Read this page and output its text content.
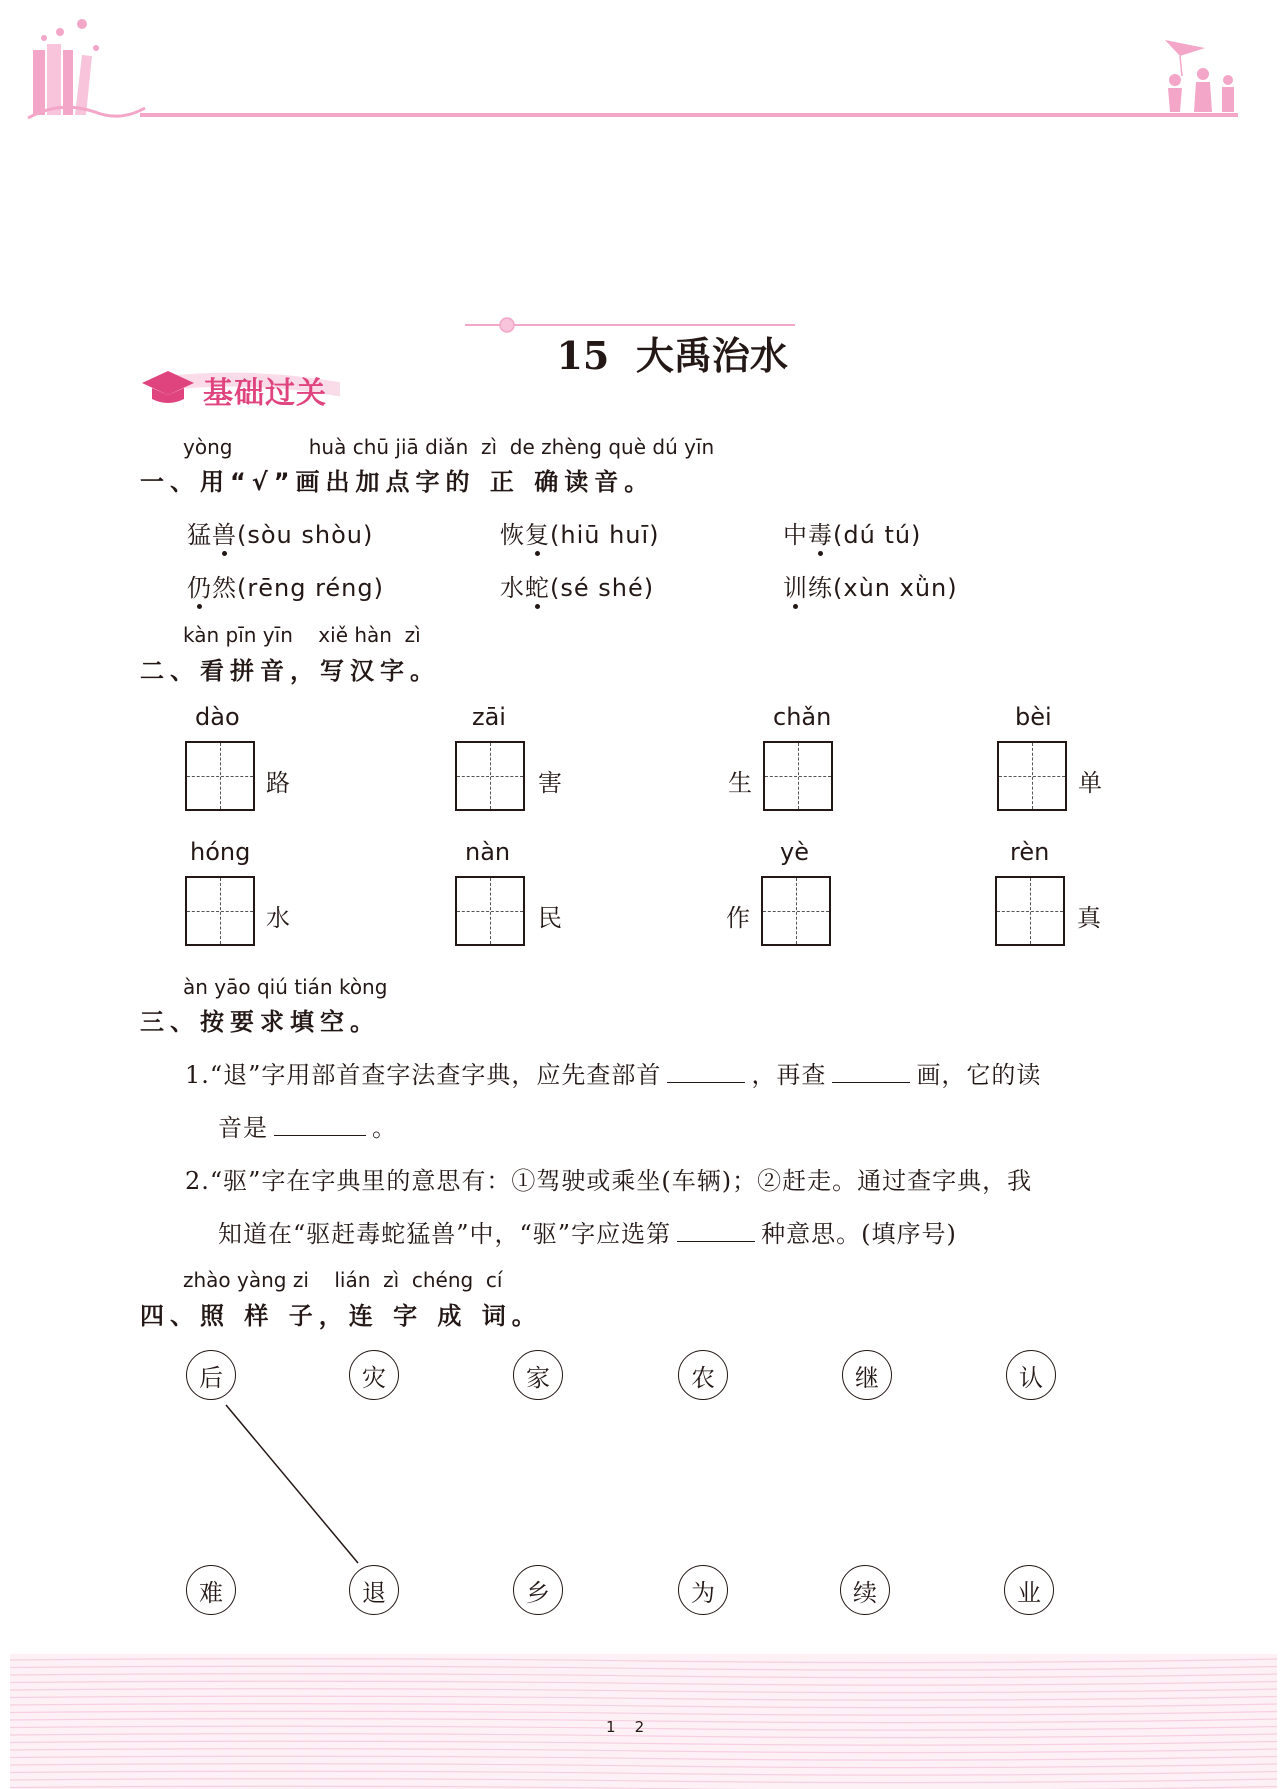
15 大禹治水

基础过关
yòng            huà chū jiā diǎn  zì  de zhèng què dú yīn
一、用“√”画出加点字的 正 确读音。
猛兽(sòu shòu)	恢复(hiū huī)	中毒(dú tú)
仍然(rēng réng)	水蛇(sé shé)	训练(xùn xǜn)
kàn pīn yīn    xiě hàn  zì
二、看拼音，写汉字。
dào
路
zāi
害
chǎn
生
bèi
单
hóng
水
nàn
民
yè
作
rèn
真
àn yāo qiú tián kòng
三、按要求填空。
1.“退”字用部首查字法查字典，应先查部首	，再查	画，它的读
音是	。
2.“驱”字在字典里的意思有：①驾驶或乘坐(车辆)；②赶走。通过查字典，我
知道在“驱赶毒蛇猛兽”中，“驱”字应选第	种意思。(填序号)
zhào yàng zi    lián  zì  chéng  cí
四、照 样 子，连 字 成 词。
后	灾	家	农	继	认
难	退	乡	为	续	业
1    2
